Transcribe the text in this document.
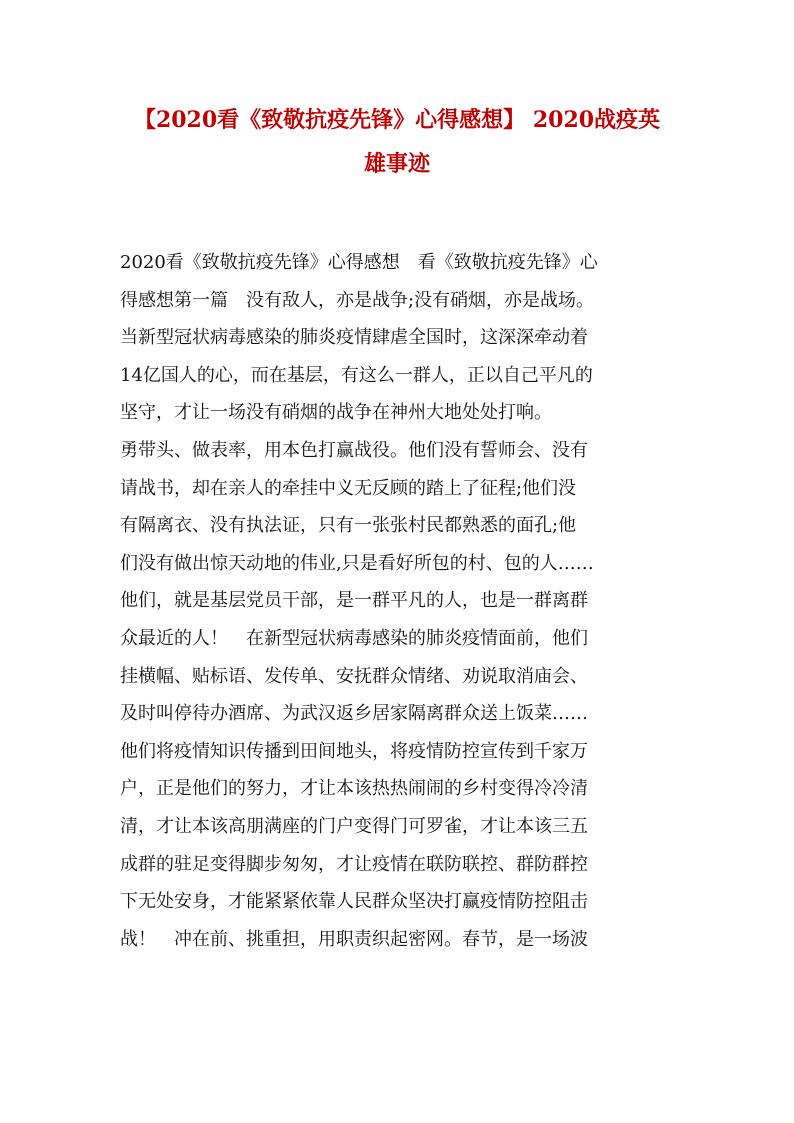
【2020看《致敬抗疫先锋》心得感想】 2020战疫英
雄事迹
2020看《致敬抗疫先锋》心得感想　看《致敬抗疫先锋》心
得感想第一篇　没有敌人，亦是战争;没有硝烟，亦是战场。
当新型冠状病毒感染的肺炎疫情肆虐全国时，这深深牵动着
14亿国人的心，而在基层，有这么一群人，正以自己平凡的
坚守，才让一场没有硝烟的战争在神州大地处处打响。
勇带头、做表率，用本色打赢战役。他们没有誓师会、没有
请战书，却在亲人的牵挂中义无反顾的踏上了征程;他们没
有隔离衣、没有执法证，只有一张张村民都熟悉的面孔;他
们没有做出惊天动地的伟业,只是看好所包的村、包的人……
他们，就是基层党员干部，是一群平凡的人，也是一群离群
众最近的人！　在新型冠状病毒感染的肺炎疫情面前，他们
挂横幅、贴标语、发传单、安抚群众情绪、劝说取消庙会、
及时叫停待办酒席、为武汉返乡居家隔离群众送上饭菜……
他们将疫情知识传播到田间地头，将疫情防控宣传到千家万
户，正是他们的努力，才让本该热热闹闹的乡村变得冷冷清
清，才让本该高朋满座的门户变得门可罗雀，才让本该三五
成群的驻足变得脚步匆匆，才让疫情在联防联控、群防群控
下无处安身，才能紧紧依靠人民群众坚决打赢疫情防控阻击
战！　冲在前、挑重担，用职责织起密网。春节，是一场波
